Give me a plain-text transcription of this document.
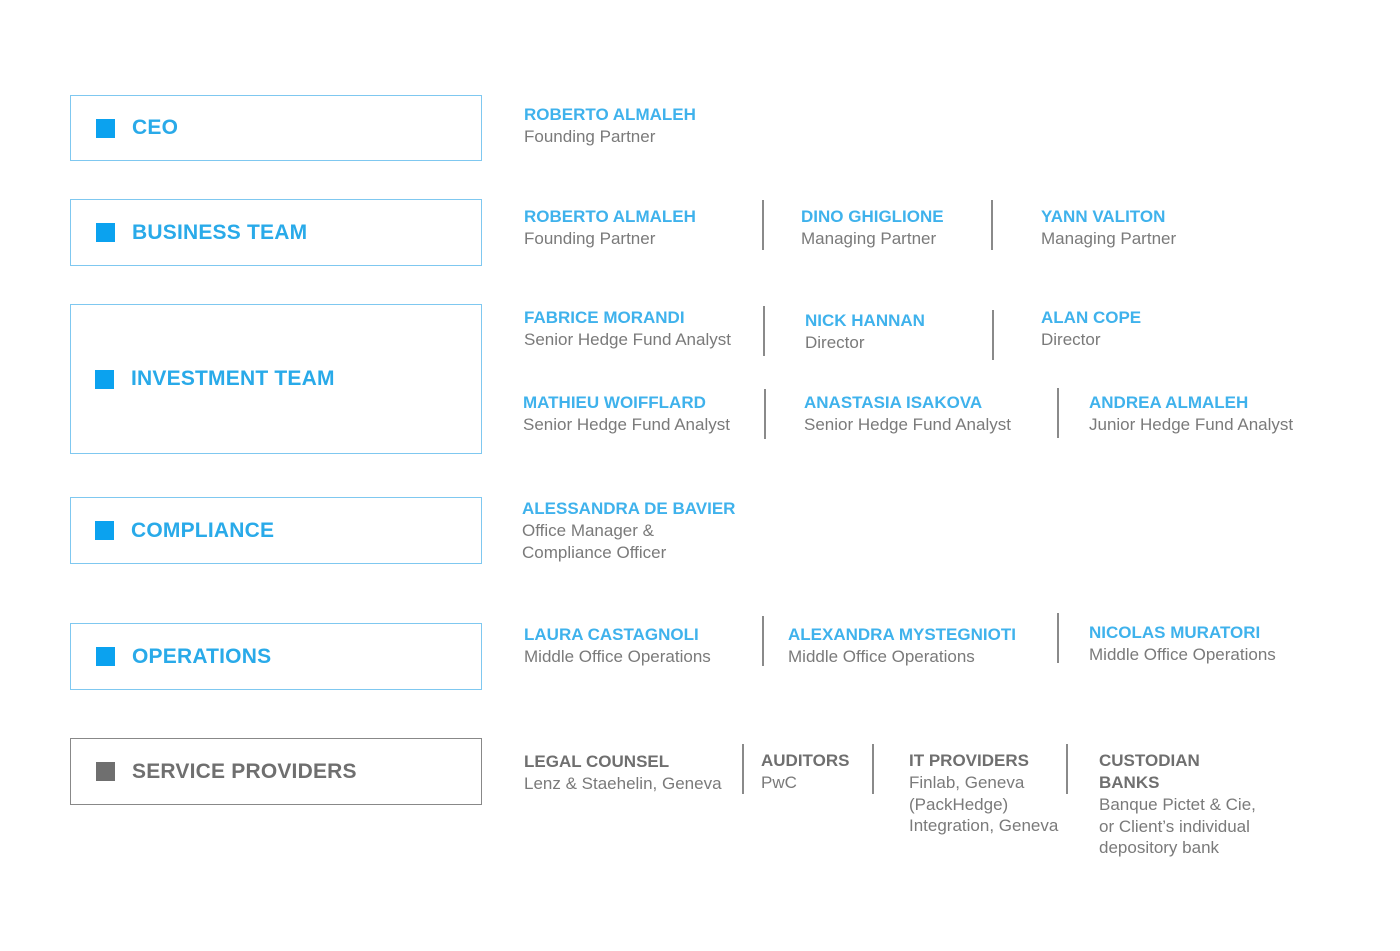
CEO
ROBERTO ALMALEH
Founding Partner
BUSINESS TEAM
ROBERTO ALMALEH
Founding Partner
DINO GHIGLIONE
Managing Partner
YANN VALITON
Managing Partner
INVESTMENT TEAM
FABRICE MORANDI
Senior Hedge Fund Analyst
NICK HANNAN
Director
ALAN COPE
Director
MATHIEU WOIFFLARD
Senior Hedge Fund Analyst
ANASTASIA ISAKOVA
Senior Hedge Fund Analyst
ANDREA ALMALEH
Junior Hedge Fund Analyst
COMPLIANCE
ALESSANDRA DE BAVIER
Office Manager &
Compliance Officer
OPERATIONS
LAURA CASTAGNOLI
Middle Office Operations
ALEXANDRA MYSTEGNIOTI
Middle Office Operations
NICOLAS MURATORI
Middle Office Operations
SERVICE PROVIDERS	LEGAL COUNSEL
Lenz & Staehelin, Geneva
AUDITORS
PwC
IT PROVIDERS
Finlab, Geneva
(PackHedge)
Integration, Geneva
CUSTODIAN
BANKS
Banque Pictet & Cie,
or Client’s individual
depository bank
